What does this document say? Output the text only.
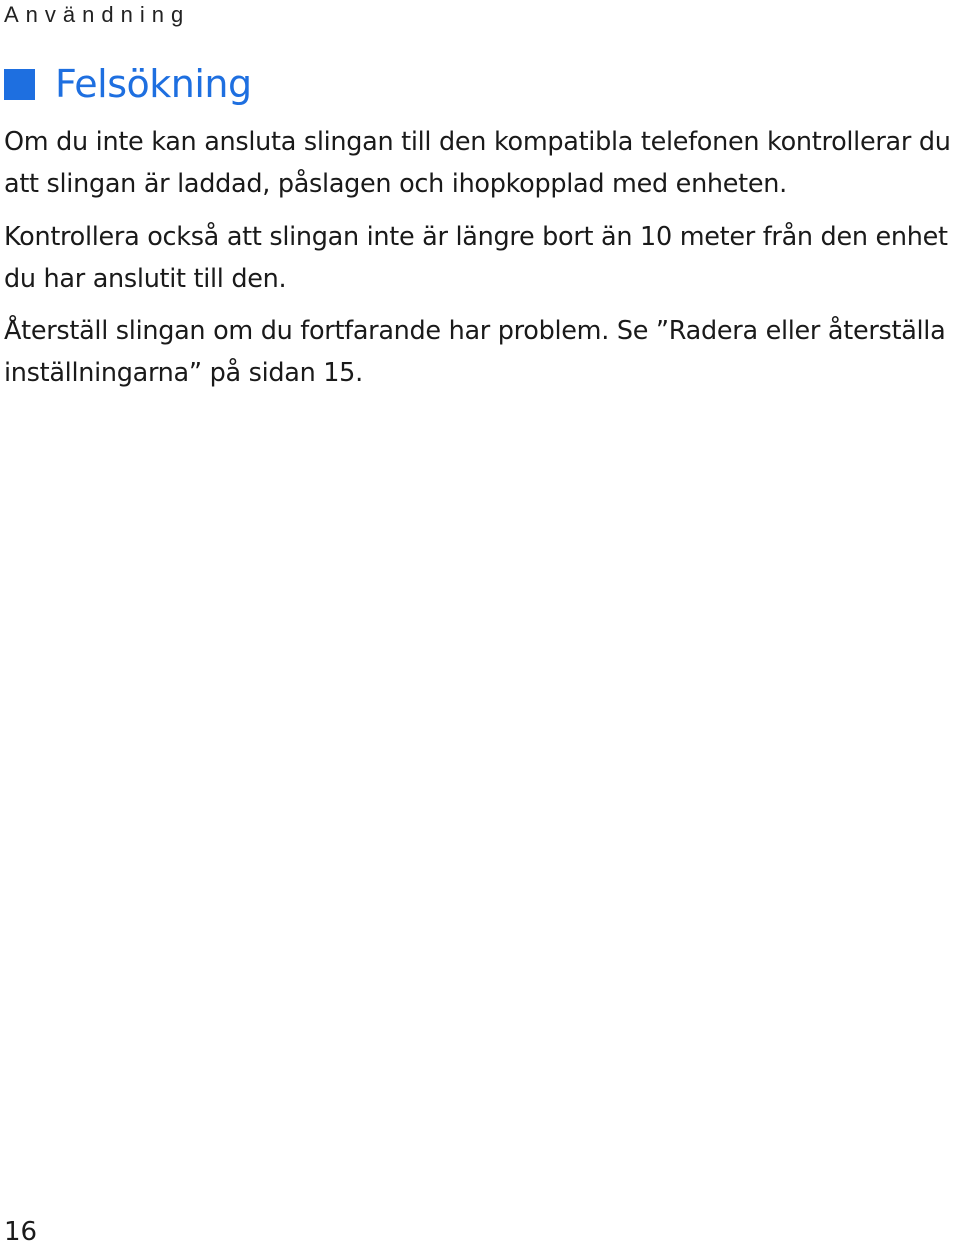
Användning
Felsökning

Om du inte kan ansluta slingan till den kompatibla telefonen kontrollerar du att slingan är laddad, påslagen och ihopkopplad med enheten.

Kontrollera också att slingan inte är längre bort än 10 meter från den enhet du har anslutit till den.

Återställ slingan om du fortfarande har problem. Se ”Radera eller återställa inställningarna” på sidan 15.

16
